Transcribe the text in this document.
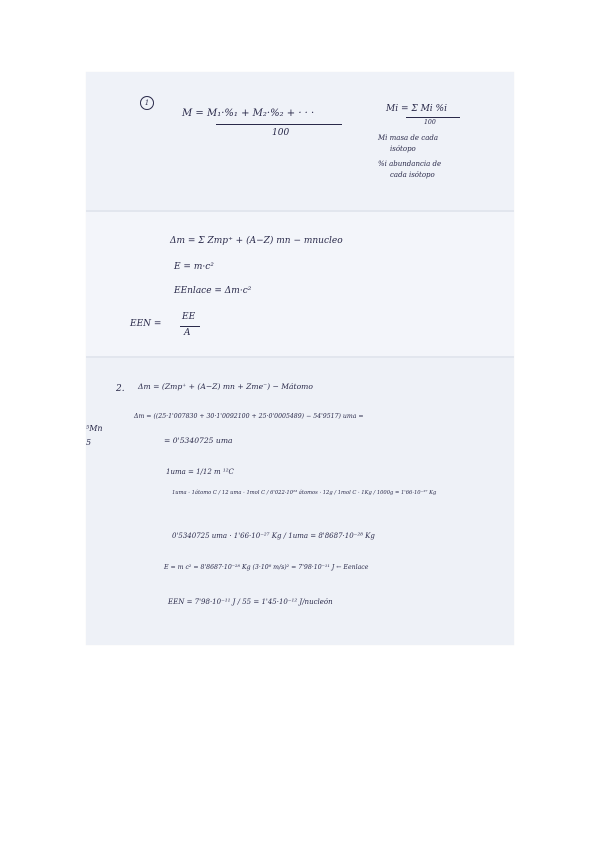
1
M = M₁·%₁ + M₂·%₂ + · · ·
100
Mi = Σ Mi %i
100
Mi masa de cada
isótopo
%i abundancia de
cada isótopo
Δm = Σ Zmp⁺ + (A−Z) mn − mnucleo
E = m·c²
EEnlace = Δm·c²
EEN =
EE
A
2. Δm = (Zmp⁺ + (A−Z) mn + Zme⁻) − Mátomo
Δm = ((25·1'007830 + 30·1'0092100 + 25·0'0005489) − 54'9517) uma =
= 0'5340725 uma
1uma = 1/12 m ¹²C
1uma · 1átomo C / 12 uma · 1mol C / 6'022·10²³ átomos · 12g / 1mol C · 1Kg / 1000g = 1'66·10⁻²⁷ Kg
0'5340725 uma · 1'66·10⁻²⁷ Kg / 1uma = 8'8687·10⁻²⁸ Kg
E = m c² = 8'8687·10⁻²⁸ Kg (3·10⁸ m/s)² = 7'98·10⁻¹¹ J ← Eenlace
EEN = 7'98·10⁻¹¹ J / 55 = 1'45·10⁻¹² J/nucleón
⁵Mn
5
